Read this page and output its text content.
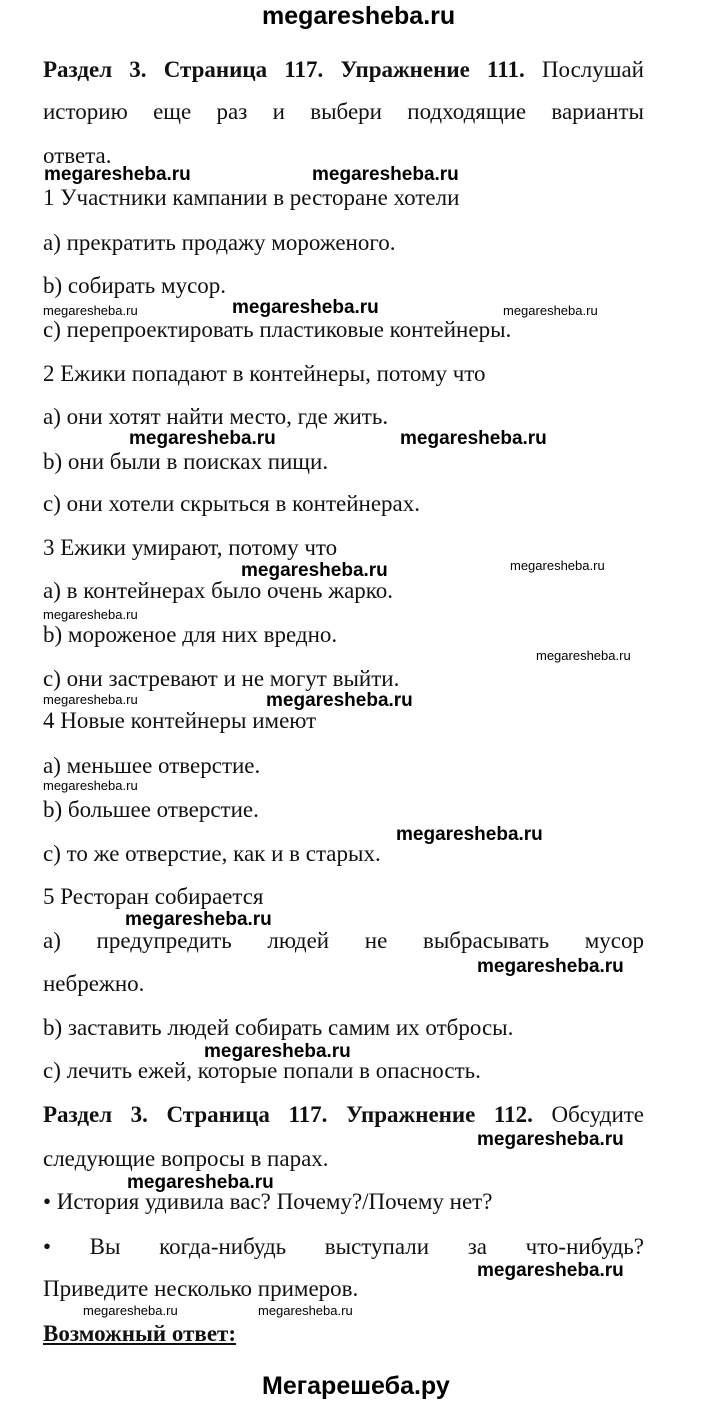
megaresheba.ru
Раздел 3. Страница 117. Упражнение 111. Послушай
историю еще раз и выбери подходящие варианты
ответа.
1 Участники кампании в ресторане хотели
a) прекратить продажу мороженого.
b) собирать мусор.
c) перепроектировать пластиковые контейнеры.
2 Ежики попадают в контейнеры, потому что
a) они хотят найти место, где жить.
b) они были в поисках пищи.
c) они хотели скрыться в контейнерах.
3 Ежики умирают, потому что
a) в контейнерах было очень жарко.
b) мороженое для них вредно.
c) они застревают и не могут выйти.
4 Новые контейнеры имеют
a) меньшее отверстие.
b) большее отверстие.
c) то же отверстие, как и в старых.
5 Ресторан собирается
a) предупредить людей не выбрасывать мусор
небрежно.
b) заставить людей собирать самим их отбросы.
c) лечить ежей, которые попали в опасность.
Раздел 3. Страница 117. Упражнение 112. Обсудите
следующие вопросы в парах.
• История удивила вас? Почему?/Почему нет?
• Вы когда-нибудь выступали за что-нибудь?
Приведите несколько примеров.
Возможный ответ:
megaresheba.ru	megaresheba.ru
megaresheba.ru	megaresheba.ru	megaresheba.ru
megaresheba.ru	megaresheba.ru
megaresheba.ru	megaresheba.ru
megaresheba.ru
megaresheba.ru
megaresheba.ru	megaresheba.ru
megaresheba.ru
megaresheba.ru
megaresheba.ru
megaresheba.ru
megaresheba.ru
megaresheba.ru
megaresheba.ru
megaresheba.ru
megaresheba.ru	megaresheba.ru
Мегарешеба.ру
